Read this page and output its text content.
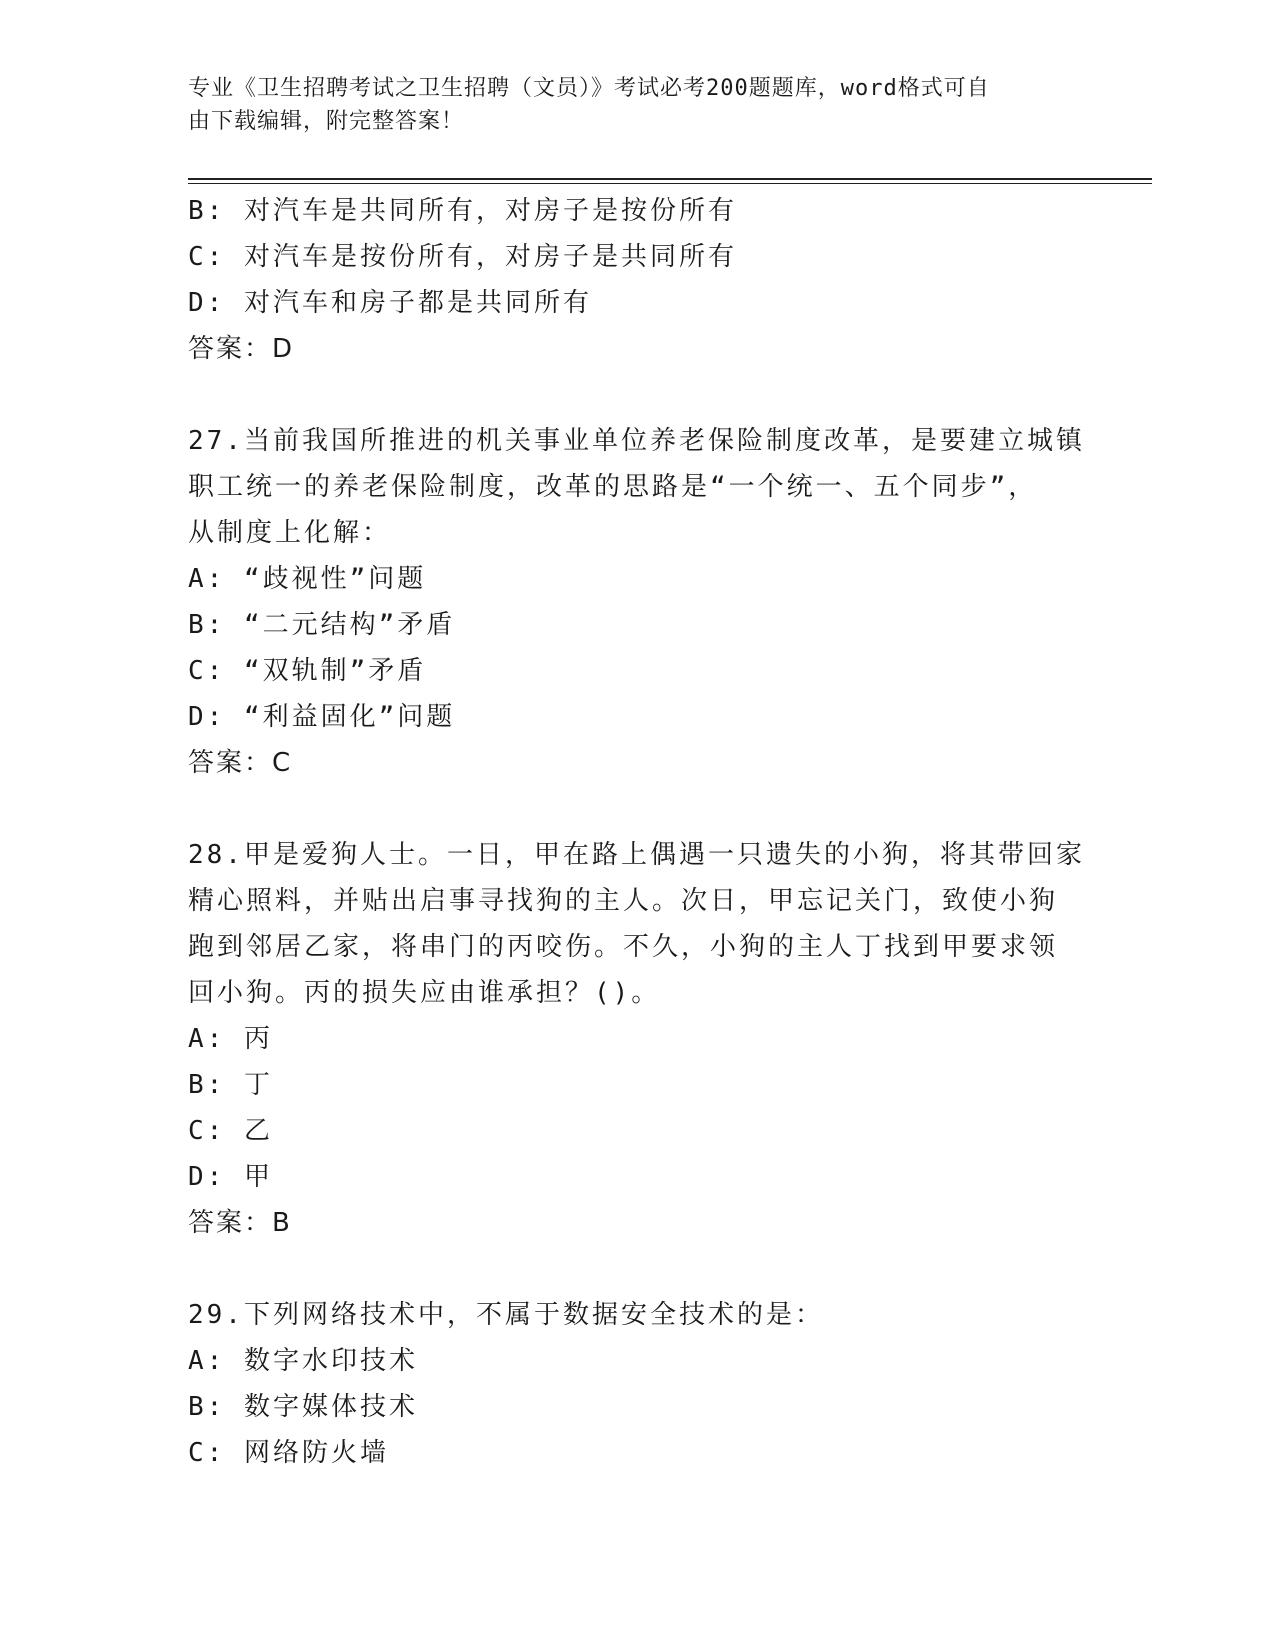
专业《卫生招聘考试之卫生招聘（文员）》考试必考200题题库，word格式可自
由下载编辑，附完整答案！
B: 对汽车是共同所有，对房子是按份所有
C: 对汽车是按份所有，对房子是共同所有
D: 对汽车和房子都是共同所有
答案：D
27.当前我国所推进的机关事业单位养老保险制度改革，是要建立城镇
职工统一的养老保险制度，改革的思路是“一个统一、五个同步”，
从制度上化解：
A: “歧视性”问题
B: “二元结构”矛盾
C: “双轨制”矛盾
D: “利益固化”问题
答案：C
28.甲是爱狗人士。一日，甲在路上偶遇一只遗失的小狗，将其带回家
精心照料，并贴出启事寻找狗的主人。次日，甲忘记关门，致使小狗
跑到邻居乙家，将串门的丙咬伤。不久，小狗的主人丁找到甲要求领
回小狗。丙的损失应由谁承担？()。
A: 丙
B: 丁
C: 乙
D: 甲
答案：B
29.下列网络技术中，不属于数据安全技术的是：
A: 数字水印技术
B: 数字媒体技术
C: 网络防火墙
